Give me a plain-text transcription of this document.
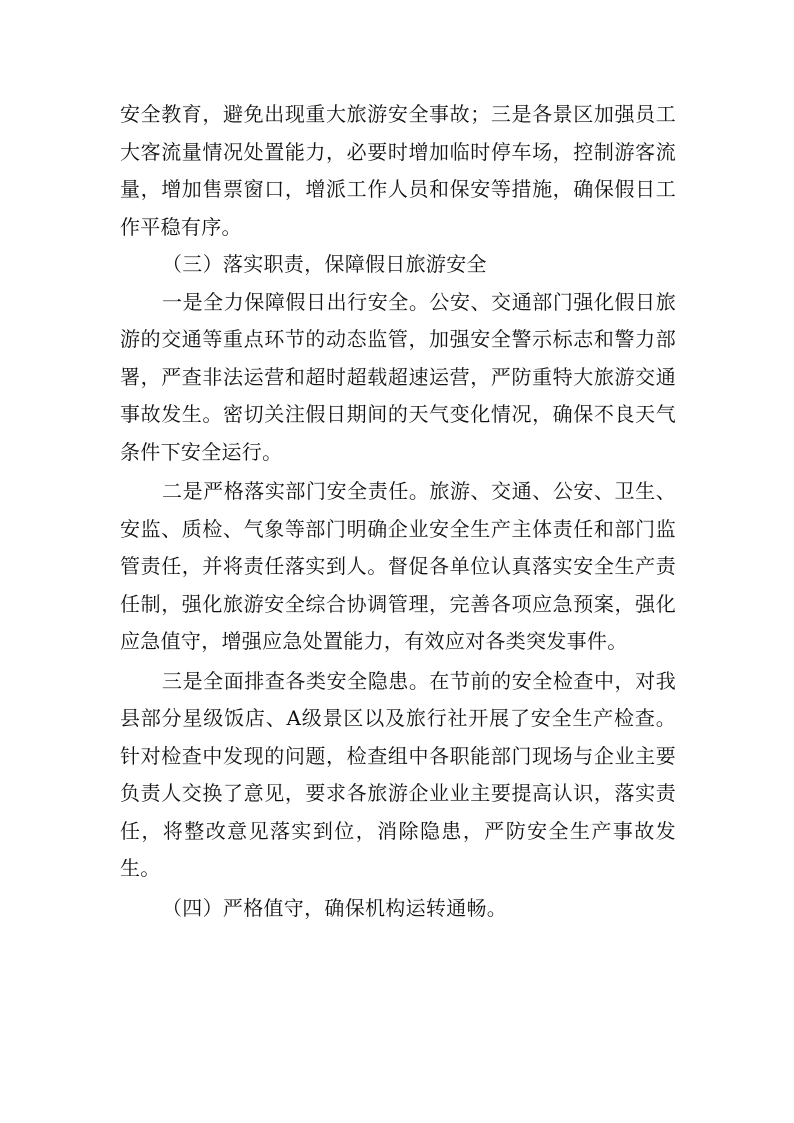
安全教育，避免出现重大旅游安全事故；三是各景区加强员工大客流量情况处置能力，必要时增加临时停车场，控制游客流量，增加售票窗口，增派工作人员和保安等措施，确保假日工作平稳有序。

（三）落实职责，保障假日旅游安全

一是全力保障假日出行安全。公安、交通部门强化假日旅游的交通等重点环节的动态监管，加强安全警示标志和警力部署，严查非法运营和超时超载超速运营，严防重特大旅游交通事故发生。密切关注假日期间的天气变化情况，确保不良天气条件下安全运行。

二是严格落实部门安全责任。旅游、交通、公安、卫生、安监、质检、气象等部门明确企业安全生产主体责任和部门监管责任，并将责任落实到人。督促各单位认真落实安全生产责任制，强化旅游安全综合协调管理，完善各项应急预案，强化应急值守，增强应急处置能力，有效应对各类突发事件。

三是全面排查各类安全隐患。在节前的安全检查中，对我县部分星级饭店、A级景区以及旅行社开展了安全生产检查。针对检查中发现的问题，检查组中各职能部门现场与企业主要负责人交换了意见，要求各旅游企业业主要提高认识，落实责任，将整改意见落实到位，消除隐患，严防安全生产事故发生。

（四）严格值守，确保机构运转通畅。
